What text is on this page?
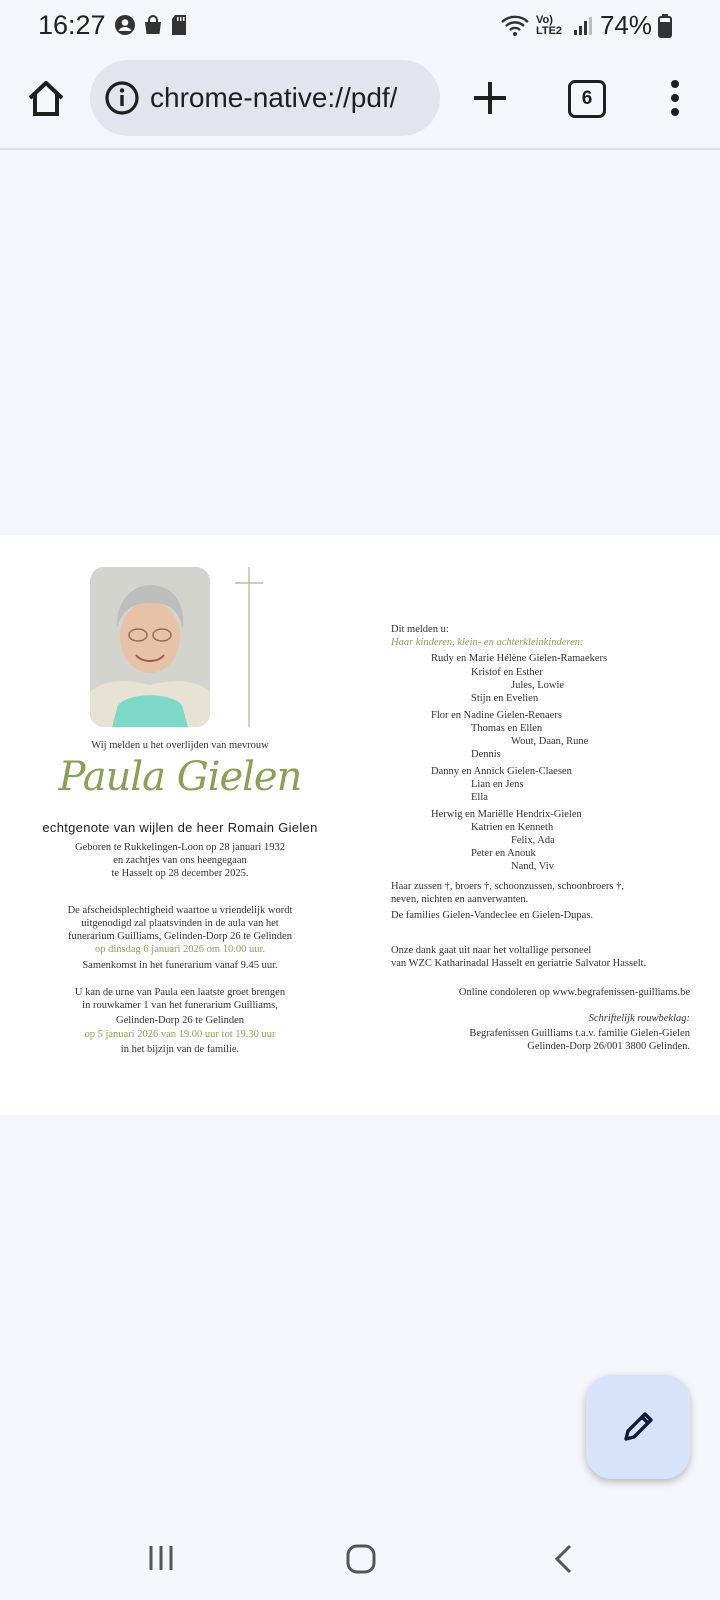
16:27	Vo) LTE2 74%
chrome-native://pdf/	6
Wij melden u het overlijden van mevrouw
Paula Gielen
echtgenote van wijlen de heer Romain Gielen
Geboren te Rukkelingen-Loon op 28 januari 1932
en zachtjes van ons heengegaan
te Hasselt op 28 december 2025.
De afscheidsplechtigheid waartoe u vriendelijk wordt
uitgenodigd zal plaatsvinden in de aula van het
funerarium Guilliams, Gelinden-Dorp 26 te Gelinden
op dinsdag 6 januari 2026 om 10.00 uur.
Samenkomst in het funerarium vanaf 9.45 uur.
U kan de urne van Paula een laatste groet brengen
in rouwkamer 1 van het funerarium Guilliams,
Gelinden-Dorp 26 te Gelinden
op 5 januari 2026 van 19.00 uur tot 19.30 uur
in het bijzijn van de familie.
Dit melden u:
Haar kinderen, klein- en achterkleinkinderen:
Rudy en Marie Hélène Gielen-Ramaekers
Kristof en Esther
Jules, Lowie
Stijn en Evelien
Flor en Nadine Gielen-Renaers
Thomas en Ellen
Wout, Daan, Rune
Dennis
Danny en Annick Gielen-Claesen
Lian en Jens
Ella
Herwig en Mariëlle Hendrix-Gielen
Katrien en Kenneth
Felix, Ada
Peter en Anouk
Nand, Viv
Haar zussen †, broers †, schoonzussen, schoonbroers †,
neven, nichten en aanverwanten.
De families Gielen-Vandeclee en Gielen-Dupas.
Onze dank gaat uit naar het voltallige personeel
van WZC Katharinadal Hasselt en geriatrie Salvator Hasselt.
Online condoleren op www.begrafenissen-guilliams.be
Schriftelijk rouwbeklag:
Begrafenissen Guilliams t.a.v. familie Gielen-Gielen
Gelinden-Dorp 26/001 3800 Gelinden.
